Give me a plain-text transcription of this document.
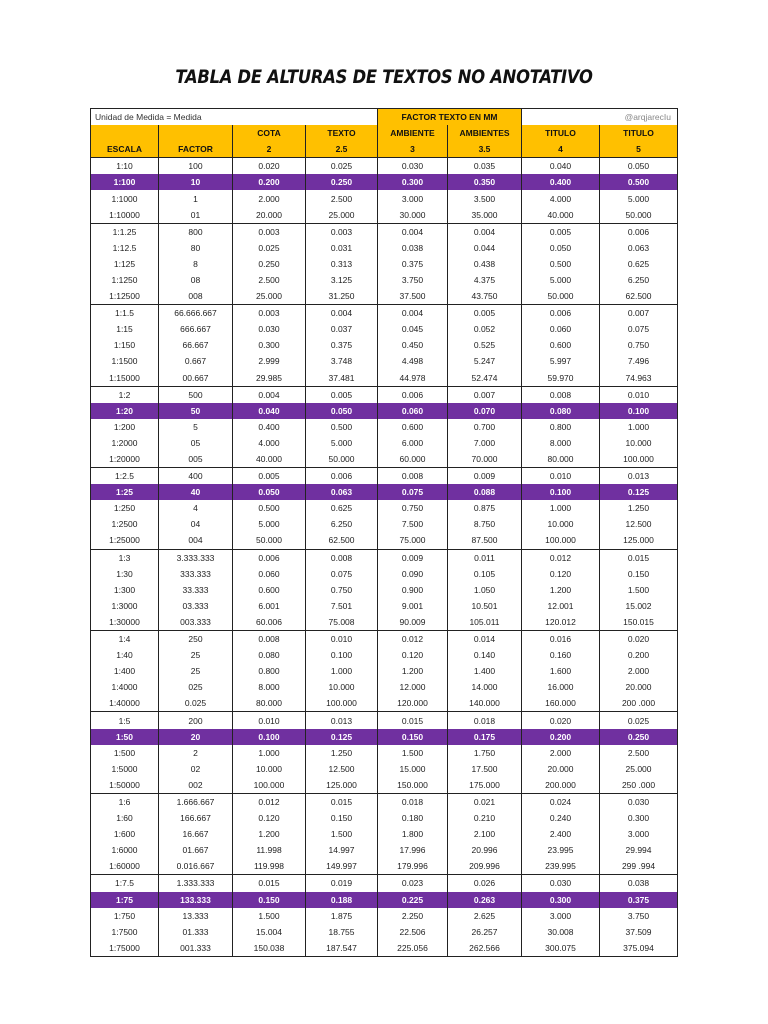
TABLA DE ALTURAS DE TEXTOS NO ANOTATIVO
Unidad de Medida = Medida				FACTOR TEXTO EN MM		@arqjarecIu	
		COTA	TEXTO	AMBIENTE	AMBIENTES	TITULO	TITULO
ESCALA	FACTOR	2	2.5	3	3.5	4	5
1:10	100	0.020	0.025	0.030	0.035	0.040	0.050
1:100	10	0.200	0.250	0.300	0.350	0.400	0.500
1:1000	1	2.000	2.500	3.000	3.500	4.000	5.000
1:10000	01	20.000	25.000	30.000	35.000	40.000	50.000
1:1.25	800	0.003	0.003	0.004	0.004	0.005	0.006
1:12.5	80	0.025	0.031	0.038	0.044	0.050	0.063
1:125	8	0.250	0.313	0.375	0.438	0.500	0.625
1:1250	08	2.500	3.125	3.750	4.375	5.000	6.250
1:12500	008	25.000	31.250	37.500	43.750	50.000	62.500
1:1.5	66.666.667	0.003	0.004	0.004	0.005	0.006	0.007
1:15	666.667	0.030	0.037	0.045	0.052	0.060	0.075
1:150	66.667	0.300	0.375	0.450	0.525	0.600	0.750
1:1500	0.667	2.999	3.748	4.498	5.247	5.997	7.496
1:15000	00.667	29.985	37.481	44.978	52.474	59.970	74.963
1:2	500	0.004	0.005	0.006	0.007	0.008	0.010
1:20	50	0.040	0.050	0.060	0.070	0.080	0.100
1:200	5	0.400	0.500	0.600	0.700	0.800	1.000
1:2000	05	4.000	5.000	6.000	7.000	8.000	10.000
1:20000	005	40.000	50.000	60.000	70.000	80.000	100.000
1:2.5	400	0.005	0.006	0.008	0.009	0.010	0.013
1:25	40	0.050	0.063	0.075	0.088	0.100	0.125
1:250	4	0.500	0.625	0.750	0.875	1.000	1.250
1:2500	04	5.000	6.250	7.500	8.750	10.000	12.500
1:25000	004	50.000	62.500	75.000	87.500	100.000	125.000
1:3	3.333.333	0.006	0.008	0.009	0.011	0.012	0.015
1:30	333.333	0.060	0.075	0.090	0.105	0.120	0.150
1:300	33.333	0.600	0.750	0.900	1.050	1.200	1.500
1:3000	03.333	6.001	7.501	9.001	10.501	12.001	15.002
1:30000	003.333	60.006	75.008	90.009	105.011	120.012	150.015
1:4	250	0.008	0.010	0.012	0.014	0.016	0.020
1:40	25	0.080	0.100	0.120	0.140	0.160	0.200
1:400	25	0.800	1.000	1.200	1.400	1.600	2.000
1:4000	025	8.000	10.000	12.000	14.000	16.000	20.000
1:40000	0.025	80.000	100.000	120.000	140.000	160.000	200 .000
1:5	200	0.010	0.013	0.015	0.018	0.020	0.025
1:50	20	0.100	0.125	0.150	0.175	0.200	0.250
1:500	2	1.000	1.250	1.500	1.750	2.000	2.500
1:5000	02	10.000	12.500	15.000	17.500	20.000	25.000
1:50000	002	100.000	125.000	150.000	175.000	200.000	250 .000
1:6	1.666.667	0.012	0.015	0.018	0.021	0.024	0.030
1:60	166.667	0.120	0.150	0.180	0.210	0.240	0.300
1:600	16.667	1.200	1.500	1.800	2.100	2.400	3.000
1:6000	01.667	11.998	14.997	17.996	20.996	23.995	29.994
1:60000	0.016.667	119.998	149.997	179.996	209.996	239.995	299 .994
1:7.5	1.333.333	0.015	0.019	0.023	0.026	0.030	0.038
1:75	133.333	0.150	0.188	0.225	0.263	0.300	0.375
1:750	13.333	1.500	1.875	2.250	2.625	3.000	3.750
1:7500	01.333	15.004	18.755	22.506	26.257	30.008	37.509
1:75000	001.333	150.038	187.547	225.056	262.566	300.075	375.094
